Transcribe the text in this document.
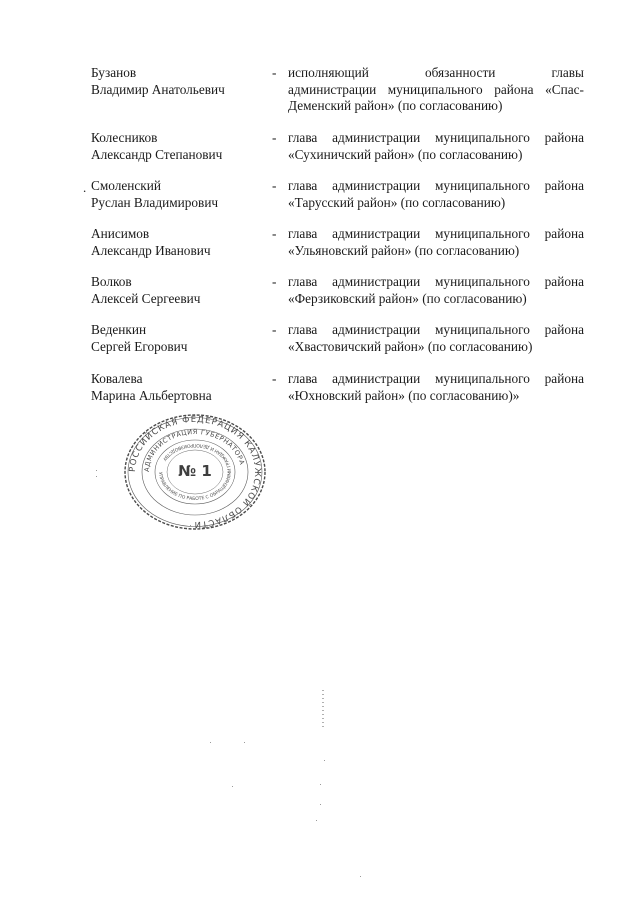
Бузанов
Владимир Анатольевич
- исполняющий обязанности главы
администрации муниципального района «Спас-
Деменский район» (по согласованию)
Колесников
Александр Степанович
- глава администрации муниципального района
«Сухиничский район» (по согласованию)
. Смоленский
Руслан Владимирович
- глава администрации муниципального района
«Тарусский район» (по согласованию)
Анисимов
Александр Иванович
- глава администрации муниципального района
«Ульяновский район» (по согласованию)
Волков
Алексей Сергеевич
- глава администрации муниципального района
«Ферзиковский район» (по согласованию)
Веденкин
Сергей Егорович
- глава администрации муниципального района
«Хвастовичский район» (по согласованию)
Ковалева
Марина Альбертовна
- глава администрации муниципального района
«Юхновский район» (по согласованию)»
РОССИЙСКАЯ ФЕДЕРАЦИЯ КАЛУЖСКОЙ ОБЛАСТИ
АДМИНИСТРАЦИЯ ГУБЕРНАТОРА
УПРАВЛЕНИЕ ПО РАБОТЕ С ОБРАЩЕНИЯМИ ГРАЖДАН И ДЕЛОПРОИЗВОДСТВУ
№ 1
